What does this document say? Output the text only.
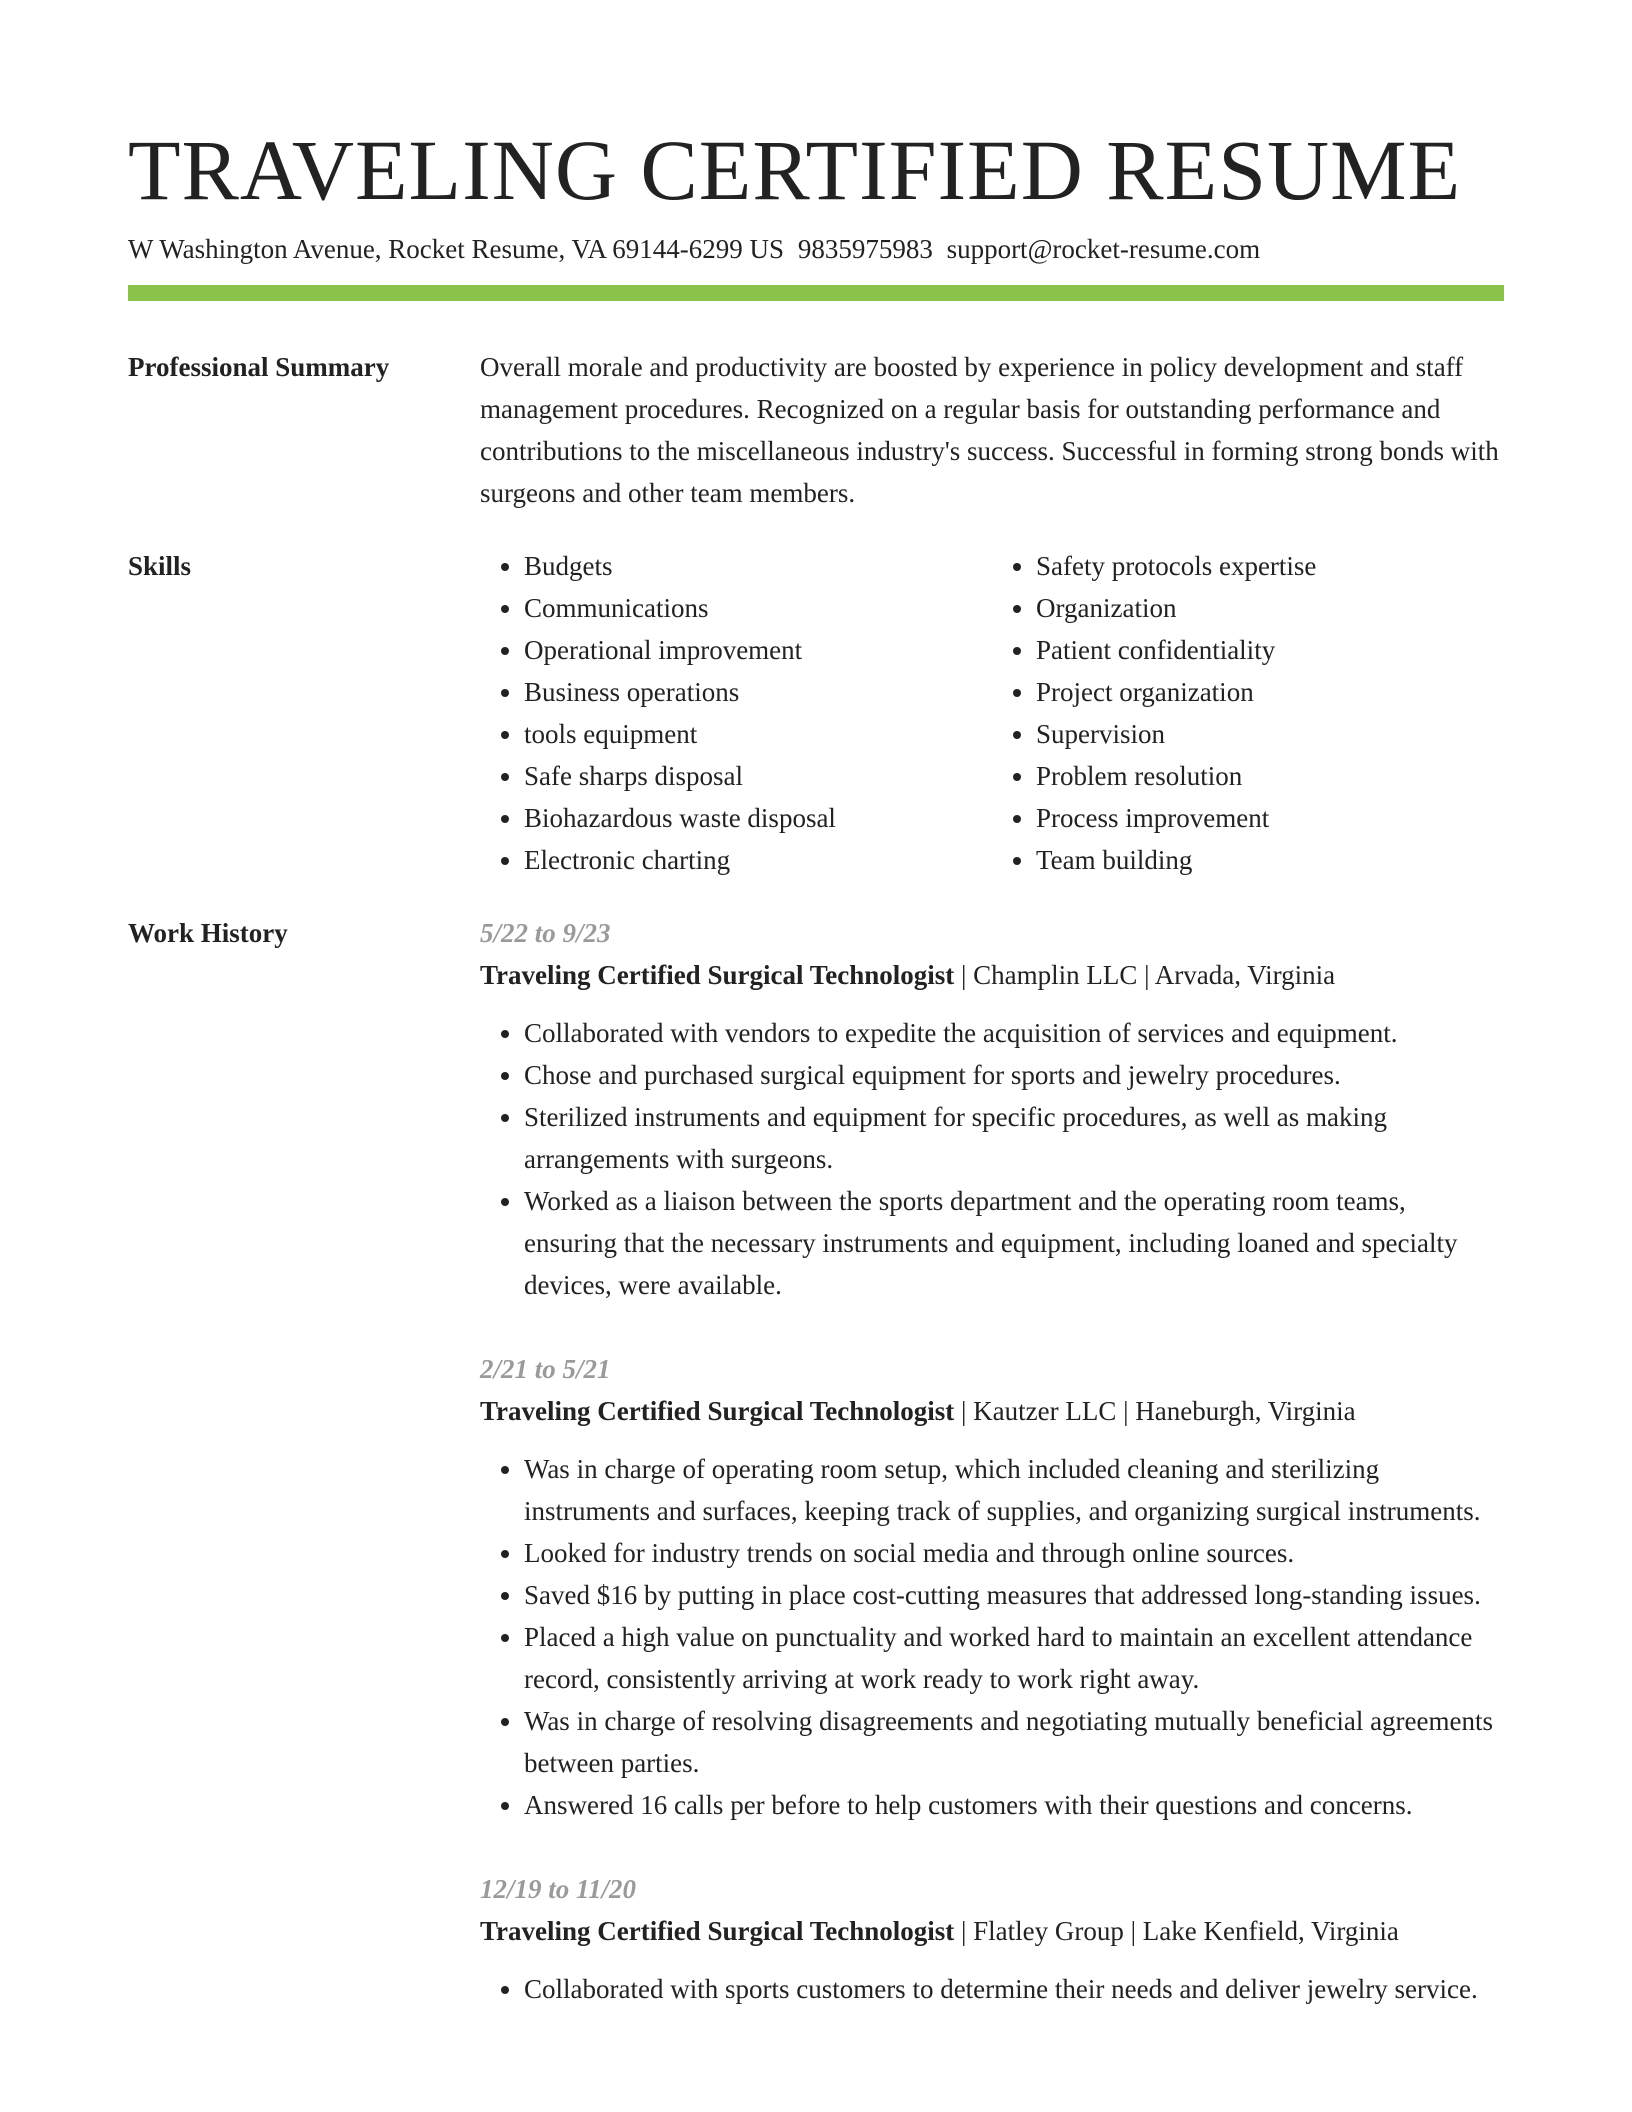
TRAVELING CERTIFIED RESUME
W Washington Avenue, Rocket Resume, VA 69144-6299 US 9835975983 support@rocket-resume.com
Professional Summary	Overall morale and productivity are boosted by experience in policy development and staff management procedures. Recognized on a regular basis for outstanding performance and contributions to the miscellaneous industry's success. Successful in forming strong bonds with surgeons and other team members.

Skills
•	Budgets
• Communications
• Operational improvement
• Business operations
• tools equipment
• Safe sharps disposal
• Biohazardous waste disposal
• Electronic charting
• Safety protocols expertise
• Organization
• Patient confidentiality
• Project organization
• Supervision
• Problem resolution
• Process improvement
• Team building
Work History	5/22 to 9/23
Traveling Certified Surgical Technologist | Champlin LLC | Arvada, Virginia
• Collaborated with vendors to expedite the acquisition of services and equipment.
• Chose and purchased surgical equipment for sports and jewelry procedures.
• Sterilized instruments and equipment for specific procedures, as well as making arrangements with surgeons.
• Worked as a liaison between the sports department and the operating room teams, ensuring that the necessary instruments and equipment, including loaned and specialty devices, were available.
2/21 to 5/21
Traveling Certified Surgical Technologist | Kautzer LLC | Haneburgh, Virginia
• Was in charge of operating room setup, which included cleaning and sterilizing instruments and surfaces, keeping track of supplies, and organizing surgical instruments.
• Looked for industry trends on social media and through online sources.
• Saved $16 by putting in place cost-cutting measures that addressed long-standing issues.
• Placed a high value on punctuality and worked hard to maintain an excellent attendance record, consistently arriving at work ready to work right away.
• Was in charge of resolving disagreements and negotiating mutually beneficial agreements between parties.
• Answered 16 calls per before to help customers with their questions and concerns.
12/19 to 11/20
Traveling Certified Surgical Technologist | Flatley Group | Lake Kenfield, Virginia
• Collaborated with sports customers to determine their needs and deliver jewelry service.
